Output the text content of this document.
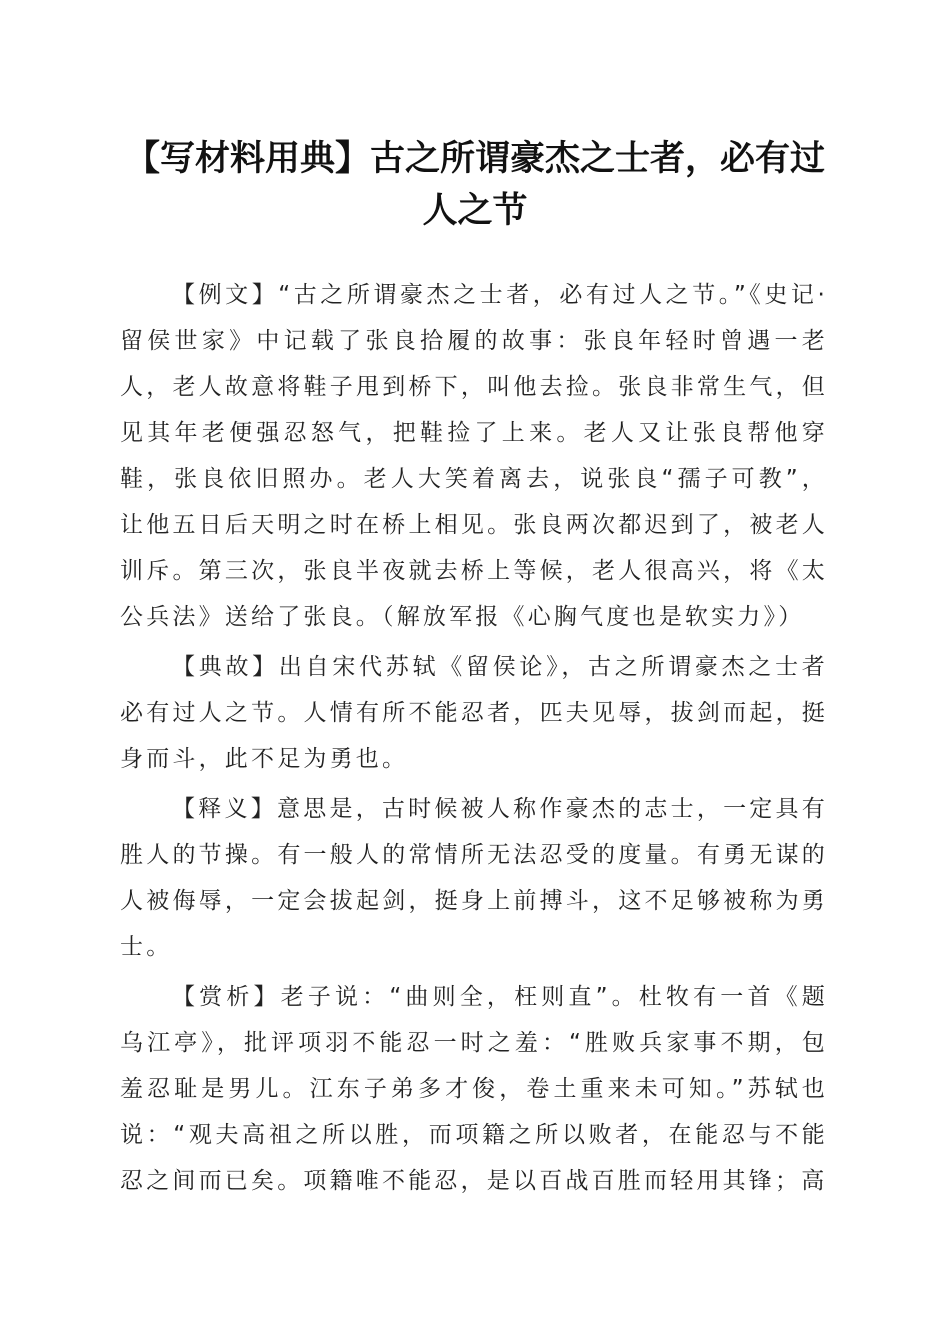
【写材料用典】古之所谓豪杰之士者，必有过人之节

【例文】“古之所谓豪杰之士者，必有过人之节。”《史记·留侯世家》中记载了张良拾履的故事：张良年轻时曾遇一老人，老人故意将鞋子甩到桥下，叫他去捡。张良非常生气，但见其年老便强忍怒气，把鞋捡了上来。老人又让张良帮他穿鞋，张良依旧照办。老人大笑着离去，说张良“孺子可教”，让他五日后天明之时在桥上相见。张良两次都迟到了，被老人训斥。第三次，张良半夜就去桥上等候，老人很高兴，将《太公兵法》送给了张良。（解放军报《心胸气度也是软实力》）

【典故】出自宋代苏轼《留侯论》，古之所谓豪杰之士者必有过人之节。人情有所不能忍者，匹夫见辱，拔剑而起，挺身而斗，此不足为勇也。

【释义】意思是，古时候被人称作豪杰的志士，一定具有胜人的节操。有一般人的常情所无法忍受的度量。有勇无谋的人被侮辱，一定会拔起剑，挺身上前搏斗，这不足够被称为勇士。

【赏析】老子说：“曲则全，枉则直”。杜牧有一首《题乌江亭》，批评项羽不能忍一时之羞：“胜败兵家事不期，包羞忍耻是男儿。江东子弟多才俊，卷土重来未可知。”苏轼也说：“观夫高祖之所以胜，而项籍之所以败者，在能忍与不能忍之间而已矣。项籍唯不能忍，是以百战百胜而轻用其锋；高
